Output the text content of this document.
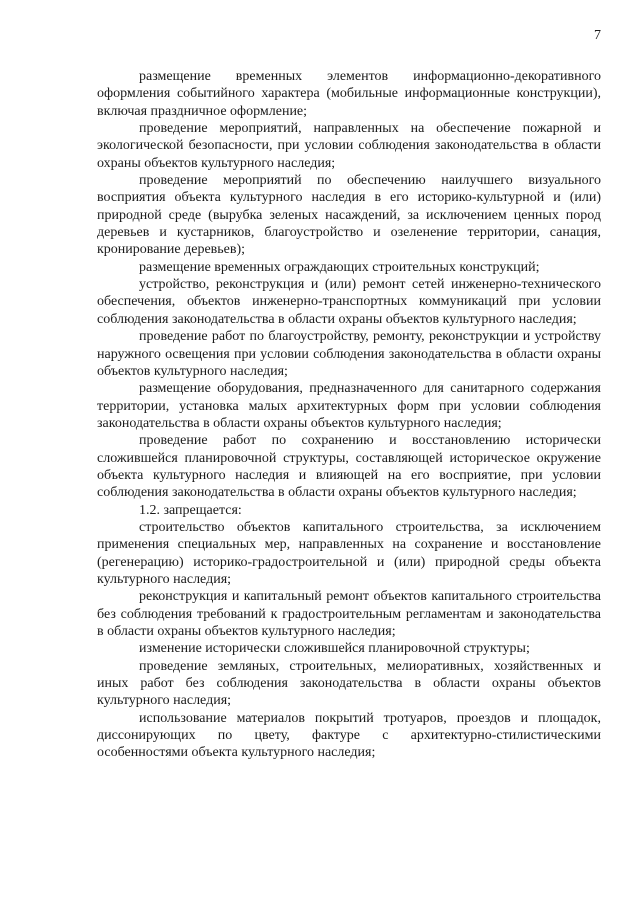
7

размещение временных элементов информационно-декоративного оформления событийного характера (мобильные информационные конструкции), включая праздничное оформление;

проведение мероприятий, направленных на обеспечение пожарной и экологической безопасности, при условии соблюдения законодательства в области охраны объектов культурного наследия;

проведение мероприятий по обеспечению наилучшего визуального восприятия объекта культурного наследия в его историко-культурной и (или) природной среде (вырубка зеленых насаждений, за исключением ценных пород деревьев и кустарников, благоустройство и озеленение территории, санация, кронирование деревьев);

размещение временных ограждающих строительных конструкций;

устройство, реконструкция и (или) ремонт сетей инженерно-технического обеспечения, объектов инженерно-транспортных коммуникаций при условии соблюдения законодательства в области охраны объектов культурного наследия;

проведение работ по благоустройству, ремонту, реконструкции и устройству наружного освещения при условии соблюдения законодательства в области охраны объектов культурного наследия;

размещение оборудования, предназначенного для санитарного содержания территории, установка малых архитектурных форм при условии соблюдения законодательства в области охраны объектов культурного наследия;

проведение работ по сохранению и восстановлению исторически сложившейся планировочной структуры, составляющей историческое окружение объекта культурного наследия и влияющей на его восприятие, при условии соблюдения законодательства в области охраны объектов культурного наследия;

1.2. запрещается:

строительство объектов капитального строительства, за исключением применения специальных мер, направленных на сохранение и восстановление (регенерацию) историко-градостроительной и (или) природной среды объекта культурного наследия;

реконструкция и капитальный ремонт объектов капитального строительства без соблюдения требований к градостроительным регламентам и законодательства в области охраны объектов культурного наследия;

изменение исторически сложившейся планировочной структуры;

проведение земляных, строительных, мелиоративных, хозяйственных и иных работ без соблюдения законодательства в области охраны объектов культурного наследия;

использование материалов покрытий тротуаров, проездов и площадок, диссонирующих по цвету, фактуре с архитектурно-стилистическими особенностями объекта культурного наследия;
